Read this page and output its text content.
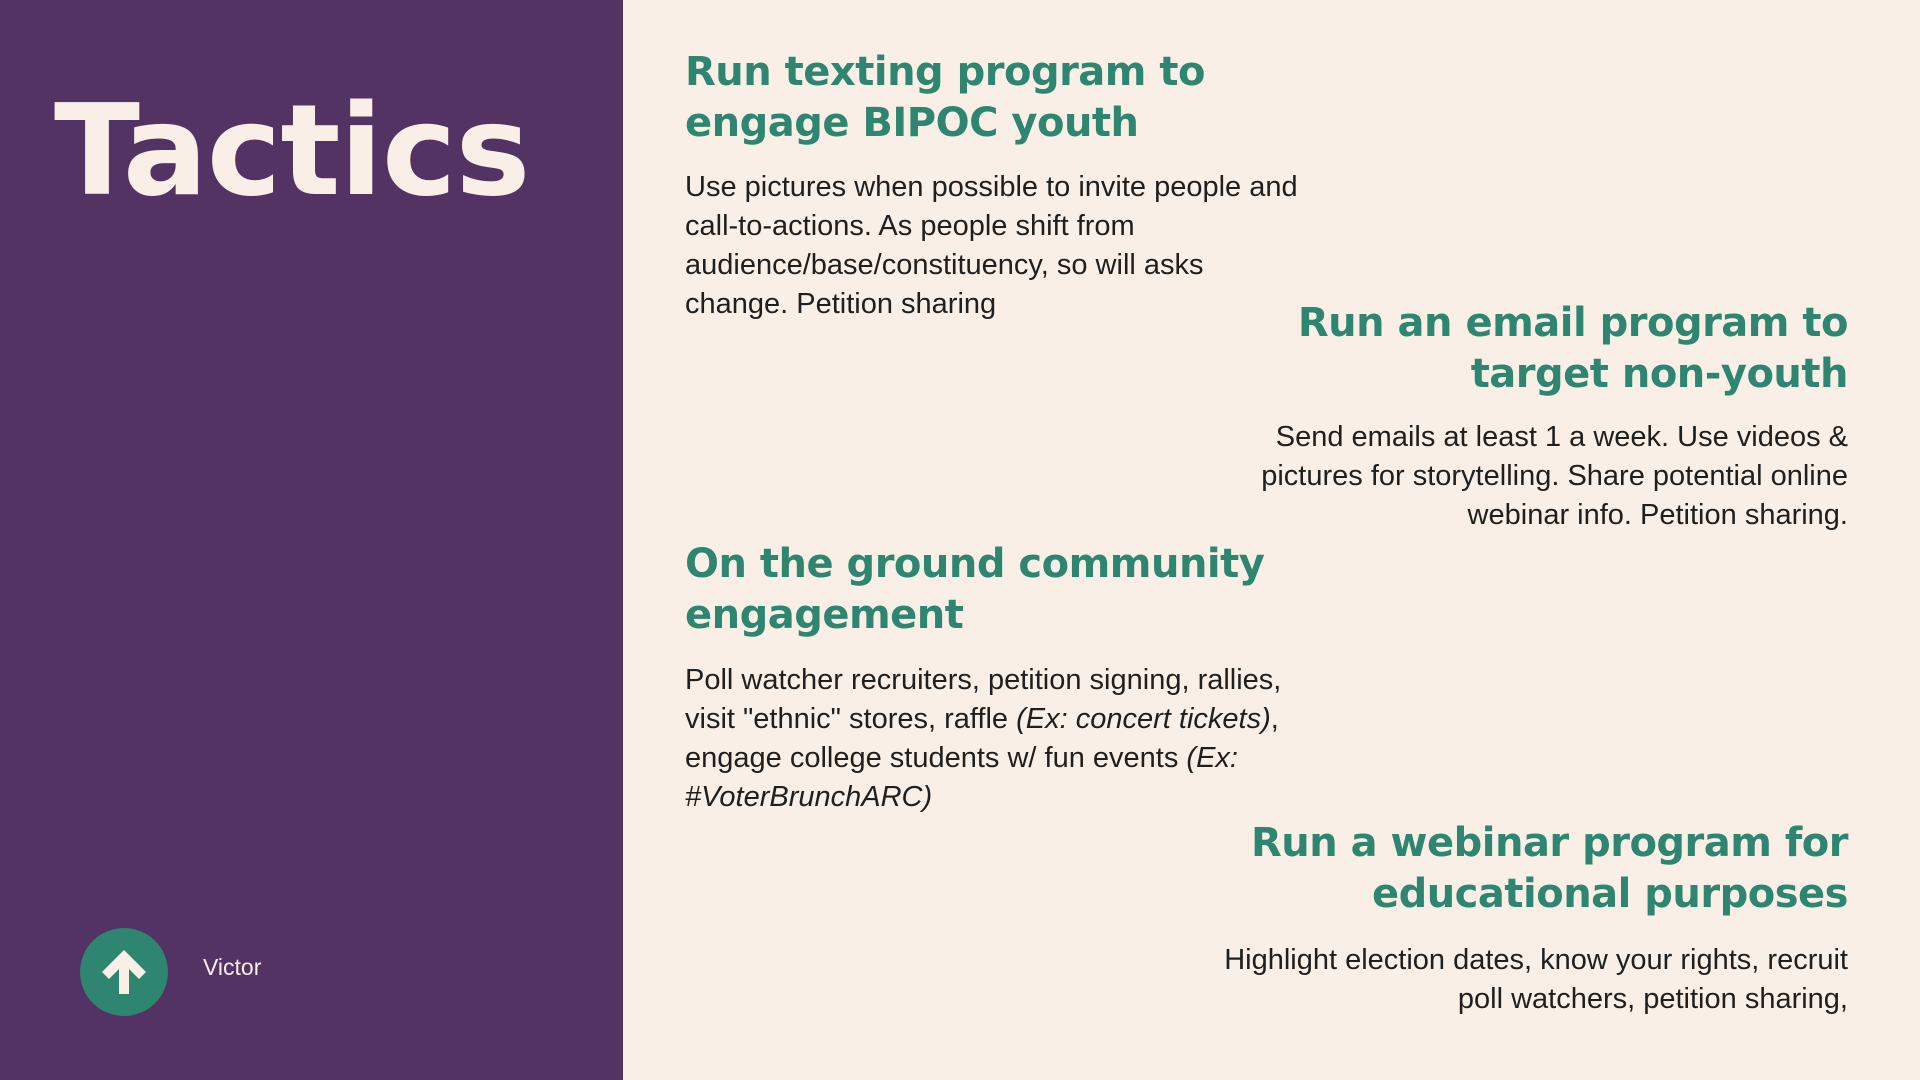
Tactics
Victor
Run texting program to engage BIPOC youth

Use pictures when possible to invite people and call-to-actions. As people shift from audience/base/constituency, so will asks change. Petition sharing	Run an email program to target non-youth

Send emails at least 1 a week. Use videos & pictures for storytelling. Share potential online webinar info. Petition sharing.

On the ground community engagement

Poll watcher recruiters, petition signing, rallies, visit "ethnic" stores, raffle (Ex: concert tickets), engage college students w/ fun events (Ex: #VoterBrunchARC)

Run a webinar program for educational purposes

Highlight election dates, know your rights, recruit poll watchers, petition sharing,
